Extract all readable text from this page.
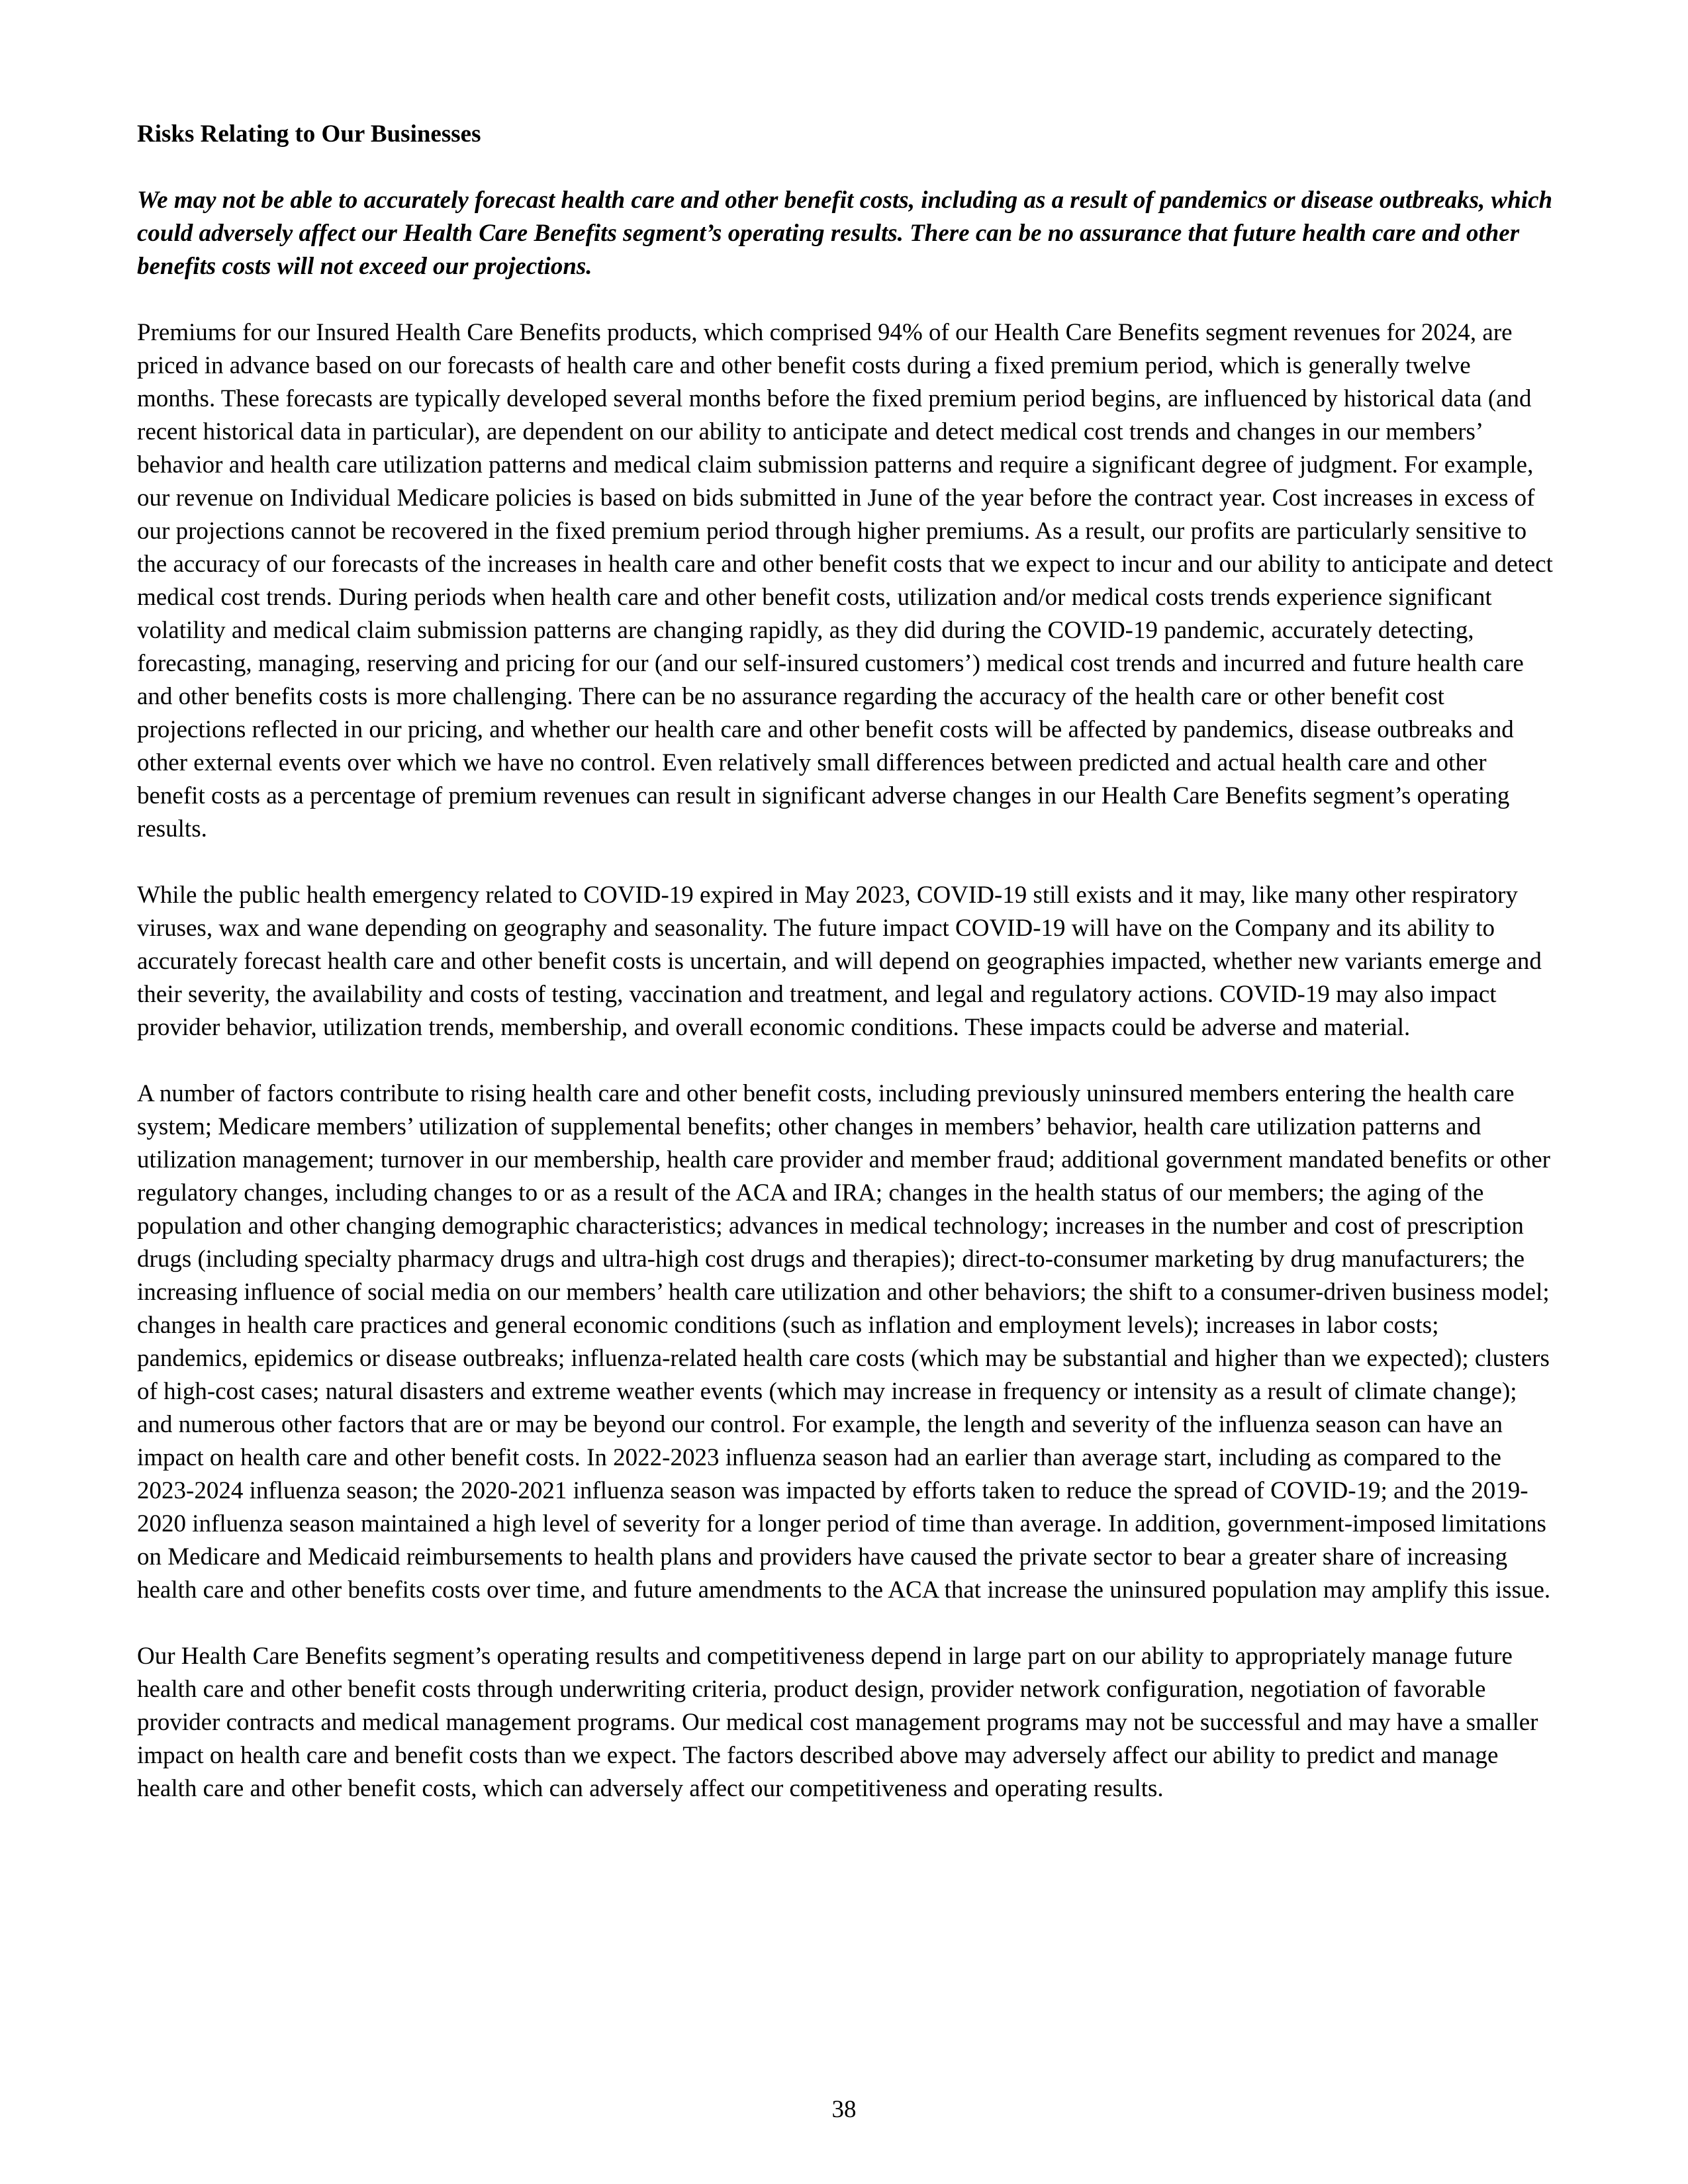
Risks Relating to Our Businesses
We may not be able to accurately forecast health care and other benefit costs, including as a result of pandemics or disease outbreaks, which could adversely affect our Health Care Benefits segment’s operating results. There can be no assurance that future health care and other benefits costs will not exceed our projections.
Premiums for our Insured Health Care Benefits products, which comprised 94% of our Health Care Benefits segment revenues for 2024, are priced in advance based on our forecasts of health care and other benefit costs during a fixed premium period, which is generally twelve months. These forecasts are typically developed several months before the fixed premium period begins, are influenced by historical data (and recent historical data in particular), are dependent on our ability to anticipate and detect medical cost trends and changes in our members’ behavior and health care utilization patterns and medical claim submission patterns and require a significant degree of judgment. For example, our revenue on Individual Medicare policies is based on bids submitted in June of the year before the contract year. Cost increases in excess of our projections cannot be recovered in the fixed premium period through higher premiums. As a result, our profits are particularly sensitive to the accuracy of our forecasts of the increases in health care and other benefit costs that we expect to incur and our ability to anticipate and detect medical cost trends. During periods when health care and other benefit costs, utilization and/or medical costs trends experience significant volatility and medical claim submission patterns are changing rapidly, as they did during the COVID-19 pandemic, accurately detecting, forecasting, managing, reserving and pricing for our (and our self-insured customers’) medical cost trends and incurred and future health care and other benefits costs is more challenging. There can be no assurance regarding the accuracy of the health care or other benefit cost projections reflected in our pricing, and whether our health care and other benefit costs will be affected by pandemics, disease outbreaks and other external events over which we have no control. Even relatively small differences between predicted and actual health care and other benefit costs as a percentage of premium revenues can result in significant adverse changes in our Health Care Benefits segment’s operating results.
While the public health emergency related to COVID-19 expired in May 2023, COVID-19 still exists and it may, like many other respiratory viruses, wax and wane depending on geography and seasonality. The future impact COVID-19 will have on the Company and its ability to accurately forecast health care and other benefit costs is uncertain, and will depend on geographies impacted, whether new variants emerge and their severity, the availability and costs of testing, vaccination and treatment, and legal and regulatory actions. COVID-19 may also impact provider behavior, utilization trends, membership, and overall economic conditions. These impacts could be adverse and material.
A number of factors contribute to rising health care and other benefit costs, including previously uninsured members entering the health care system; Medicare members’ utilization of supplemental benefits; other changes in members’ behavior, health care utilization patterns and utilization management; turnover in our membership, health care provider and member fraud; additional government mandated benefits or other regulatory changes, including changes to or as a result of the ACA and IRA; changes in the health status of our members; the aging of the population and other changing demographic characteristics; advances in medical technology; increases in the number and cost of prescription drugs (including specialty pharmacy drugs and ultra-high cost drugs and therapies); direct-to-consumer marketing by drug manufacturers; the increasing influence of social media on our members’ health care utilization and other behaviors; the shift to a consumer-driven business model; changes in health care practices and general economic conditions (such as inflation and employment levels); increases in labor costs; pandemics, epidemics or disease outbreaks; influenza-related health care costs (which may be substantial and higher than we expected); clusters of high-cost cases; natural disasters and extreme weather events (which may increase in frequency or intensity as a result of climate change); and numerous other factors that are or may be beyond our control. For example, the length and severity of the influenza season can have an impact on health care and other benefit costs. In 2022-2023 influenza season had an earlier than average start, including as compared to the 2023-2024 influenza season; the 2020-2021 influenza season was impacted by efforts taken to reduce the spread of COVID-19; and the 2019-2020 influenza season maintained a high level of severity for a longer period of time than average. In addition, government-imposed limitations on Medicare and Medicaid reimbursements to health plans and providers have caused the private sector to bear a greater share of increasing health care and other benefits costs over time, and future amendments to the ACA that increase the uninsured population may amplify this issue.
Our Health Care Benefits segment’s operating results and competitiveness depend in large part on our ability to appropriately manage future health care and other benefit costs through underwriting criteria, product design, provider network configuration, negotiation of favorable provider contracts and medical management programs. Our medical cost management programs may not be successful and may have a smaller impact on health care and benefit costs than we expect. The factors described above may adversely affect our ability to predict and manage health care and other benefit costs, which can adversely affect our competitiveness and operating results.
38
